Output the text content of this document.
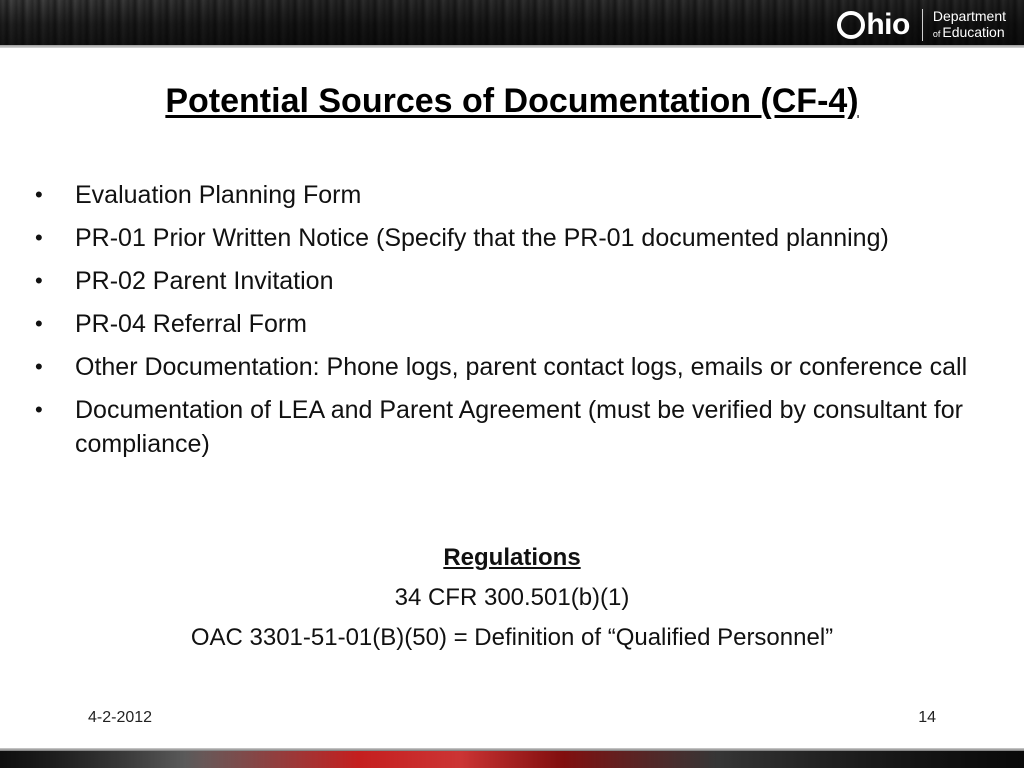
hio Department
of Education
Potential Sources of Documentation (CF-4)
• Evaluation Planning Form
• PR-01 Prior Written Notice (Specify that the PR-01 documented planning)
• PR-02 Parent Invitation
• PR-04 Referral Form
• Other Documentation: Phone logs, parent contact logs, emails or conference call
• Documentation of LEA and Parent Agreement (must be verified by consultant for compliance)
Regulations
34 CFR 300.501(b)(1)
OAC 3301-51-01(B)(50) = Definition of “Qualified Personnel”
4-2-2012	14
